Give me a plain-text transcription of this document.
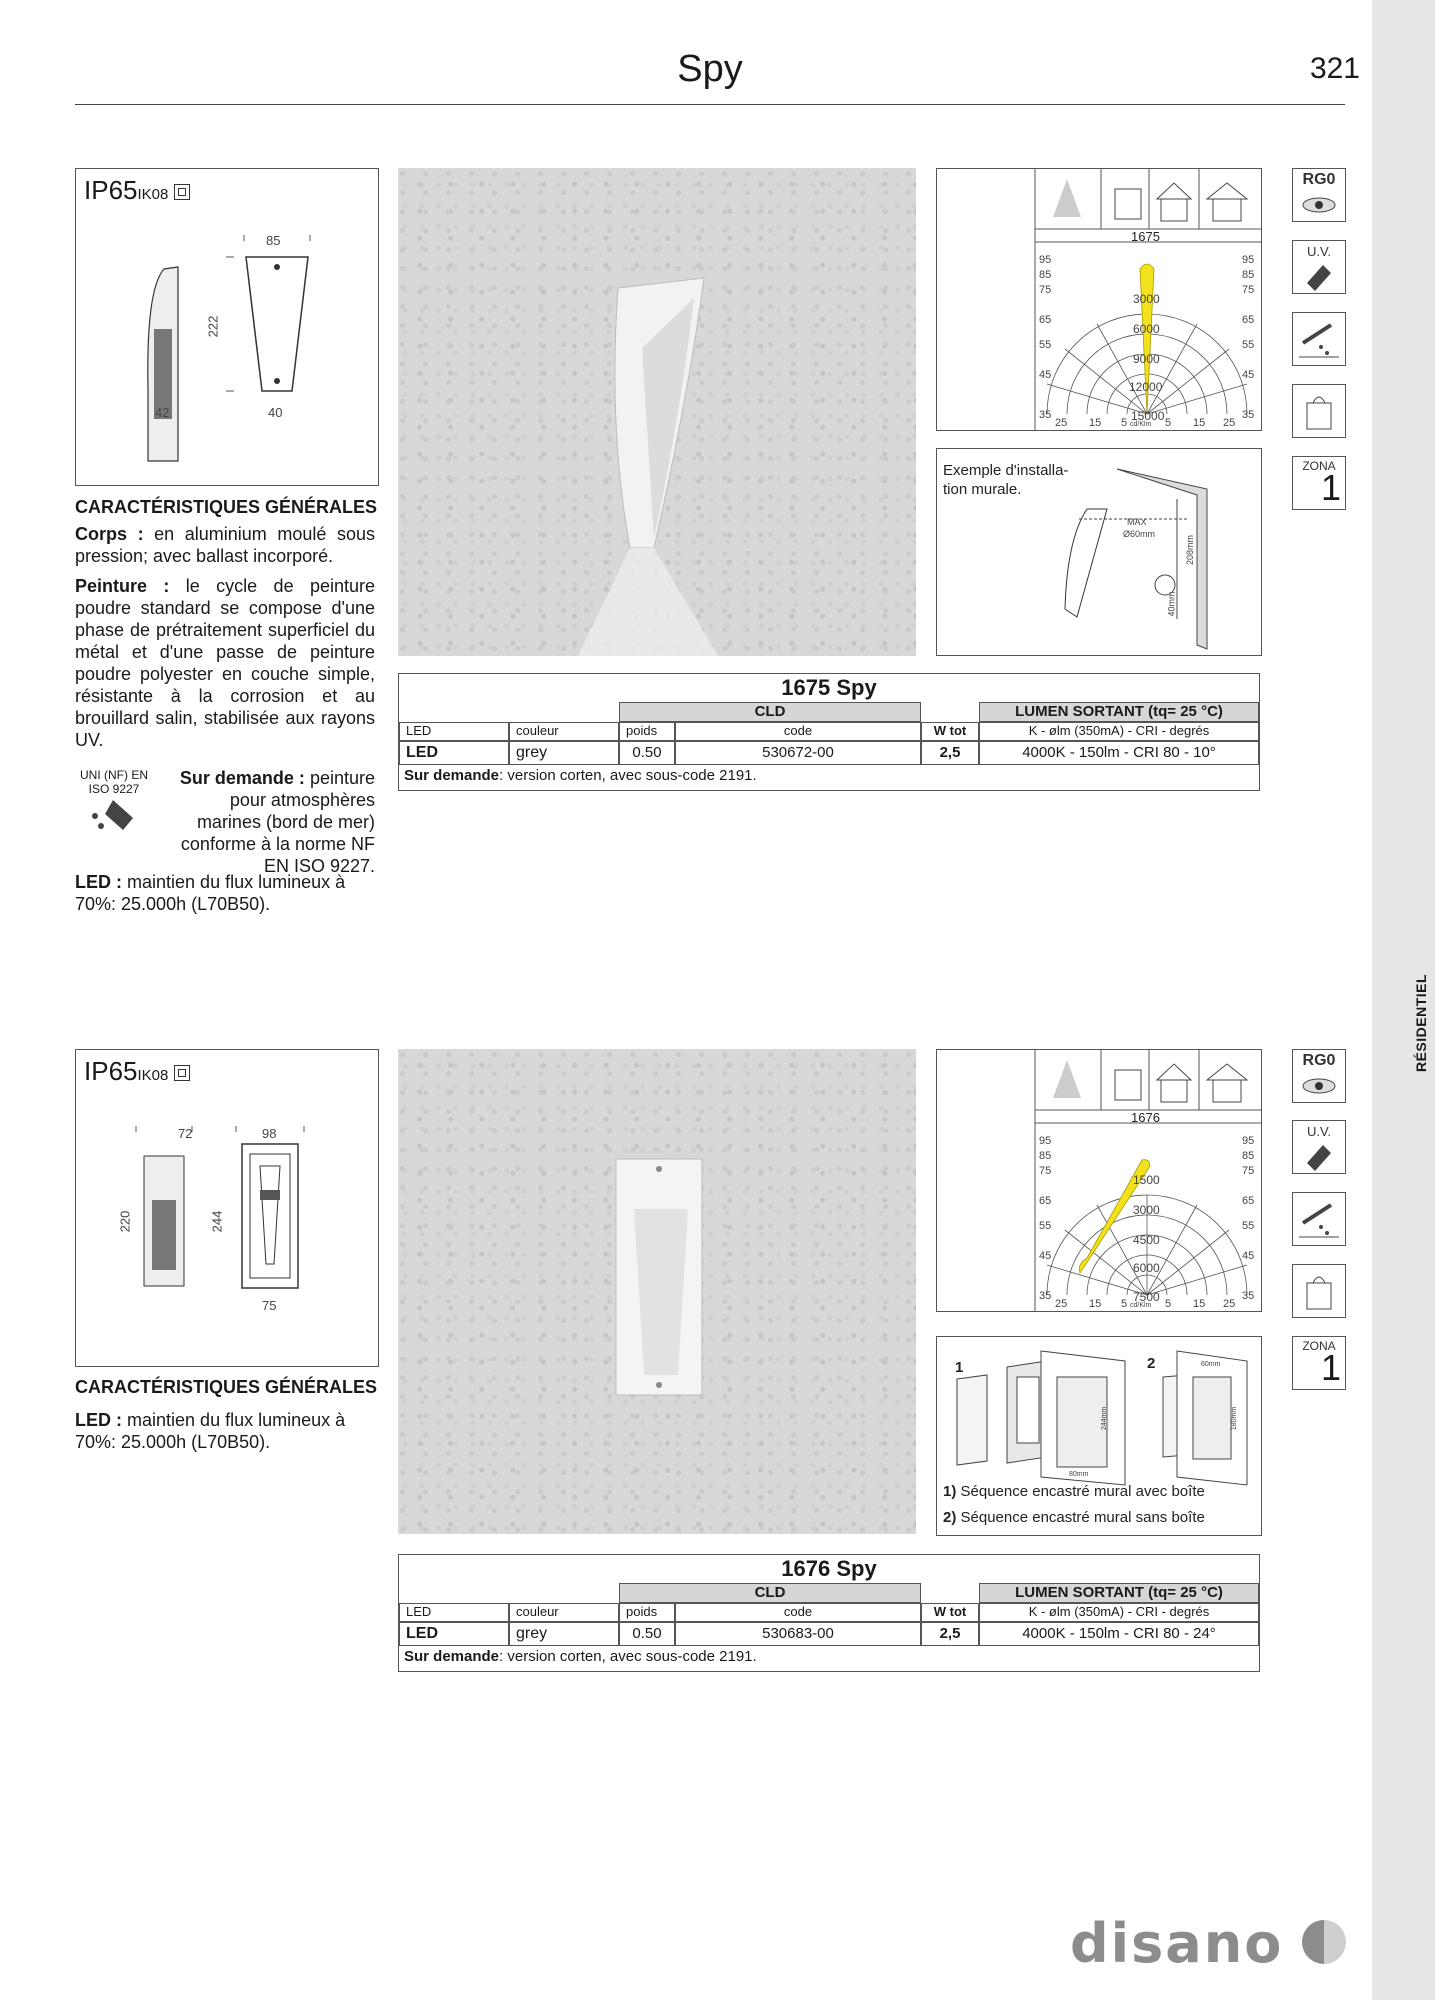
RÉSIDENTIEL
Spy	321
IP65IK08
85
222
42	40
CARACTÉRISTIQUES GÉNÉRALES
Corps : en aluminium moulé sous pression; avec ballast incorporé.
Peinture : le cycle de peinture poudre standard se compose d'une phase de prétraitement superficiel du métal et d'une passe de peinture poudre polyester en couche simple, résistante à la corrosion et au brouillard salin, stabilisée aux rayons UV.
UNI (NF) EN ISO 9227
Sur demande : peinture pour atmosphères marines (bord de mer) conforme à la norme NF EN ISO 9227.
LED : maintien du flux lumineux à 70%: 25.000h (L70B50).
1675
3000
6000
9000
12000
15000
95
85
75
65
55
45
35
95
85
75
65
55
45
35
25 15 5 cd/Klm 5 15 25
Exemple d'installa-
tion murale.
MAX
Ø60mm
208mm
40mm
RG0
U.V.
ZONA
1
1675 Spy
CLD	LUMEN SORTANT (tq= 25 °C)
LED	couleur	poids	code	W tot	K - ølm (350mA) - CRI - degrés
LED	grey	0.50	530672-00	2,5	4000K - 150lm - CRI 80 - 10°
Sur demande: version corten, avec sous-code 2191.
IP65IK08
72	98
220	244
75
CARACTÉRISTIQUES GÉNÉRALES
LED : maintien du flux lumineux à 70%: 25.000h (L70B50).
1676
1500
3000
4500
6000
7500
95
85
75
65
55
45
35
95
85
75
65
55
45
35
25 15 5 cd/Klm 5 15 25
1	2
244mm	180mm
60mm
80mm
1) Séquence encastré mural avec boîte
2) Séquence encastré mural sans boîte
RG0
U.V.
ZONA
1
1676 Spy
CLD	LUMEN SORTANT (tq= 25 °C)
LED	couleur	poids	code	W tot	K - ølm (350mA) - CRI - degrés
LED	grey	0.50	530683-00	2,5	4000K - 150lm - CRI 80 - 24°
Sur demande: version corten, avec sous-code 2191.
disano
